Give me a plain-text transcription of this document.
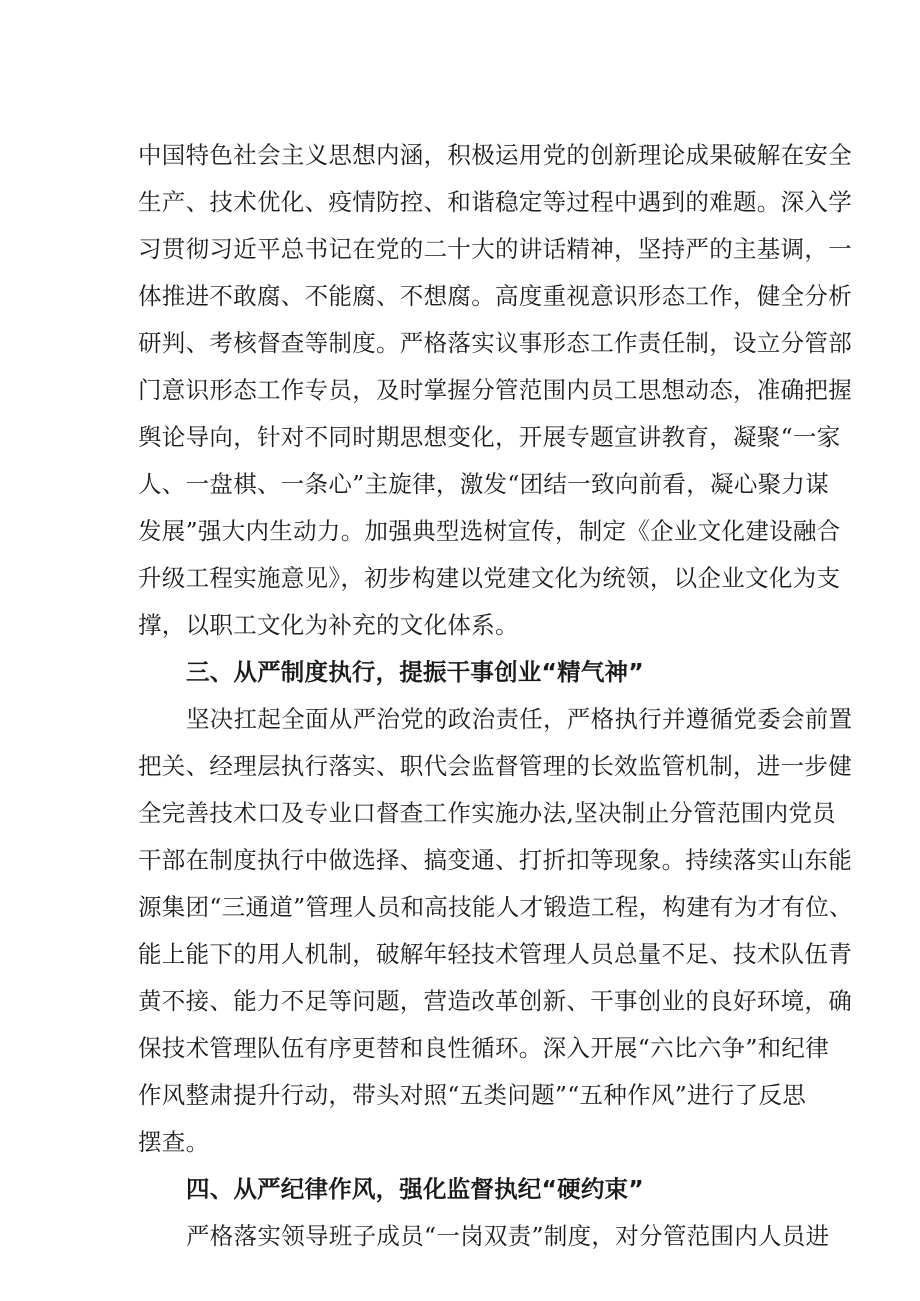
中国特色社会主义思想内涵，积极运用党的创新理论成果破解在安全
生产、技术优化、疫情防控、和谐稳定等过程中遇到的难题。深入学
习贯彻习近平总书记在党的二十大的讲话精神，坚持严的主基调，一
体推进不敢腐、不能腐、不想腐。高度重视意识形态工作，健全分析
研判、考核督查等制度。严格落实议事形态工作责任制，设立分管部
门意识形态工作专员，及时掌握分管范围内员工思想动态，准确把握
舆论导向，针对不同时期思想变化，开展专题宣讲教育，凝聚“一家
人、一盘棋、一条心”主旋律，激发“团结一致向前看，凝心聚力谋
发展”强大内生动力。加强典型选树宣传，制定《企业文化建设融合
升级工程实施意见》，初步构建以党建文化为统领，以企业文化为支
撑，以职工文化为补充的文化体系。
三、从严制度执行，提振干事创业“精气神”
坚决扛起全面从严治党的政治责任，严格执行并遵循党委会前置
把关、经理层执行落实、职代会监督管理的长效监管机制，进一步健
全完善技术口及专业口督查工作实施办法,坚决制止分管范围内党员
干部在制度执行中做选择、搞变通、打折扣等现象。持续落实山东能
源集团“三通道”管理人员和高技能人才锻造工程，构建有为才有位、
能上能下的用人机制，破解年轻技术管理人员总量不足、技术队伍青
黄不接、能力不足等问题，营造改革创新、干事创业的良好环境，确
保技术管理队伍有序更替和良性循环。深入开展“六比六争”和纪律
作风整肃提升行动，带头对照“五类问题”“五种作风”进行了反思
摆查。
四、从严纪律作风，强化监督执纪“硬约束”
严格落实领导班子成员“一岗双责”制度，对分管范围内人员进
